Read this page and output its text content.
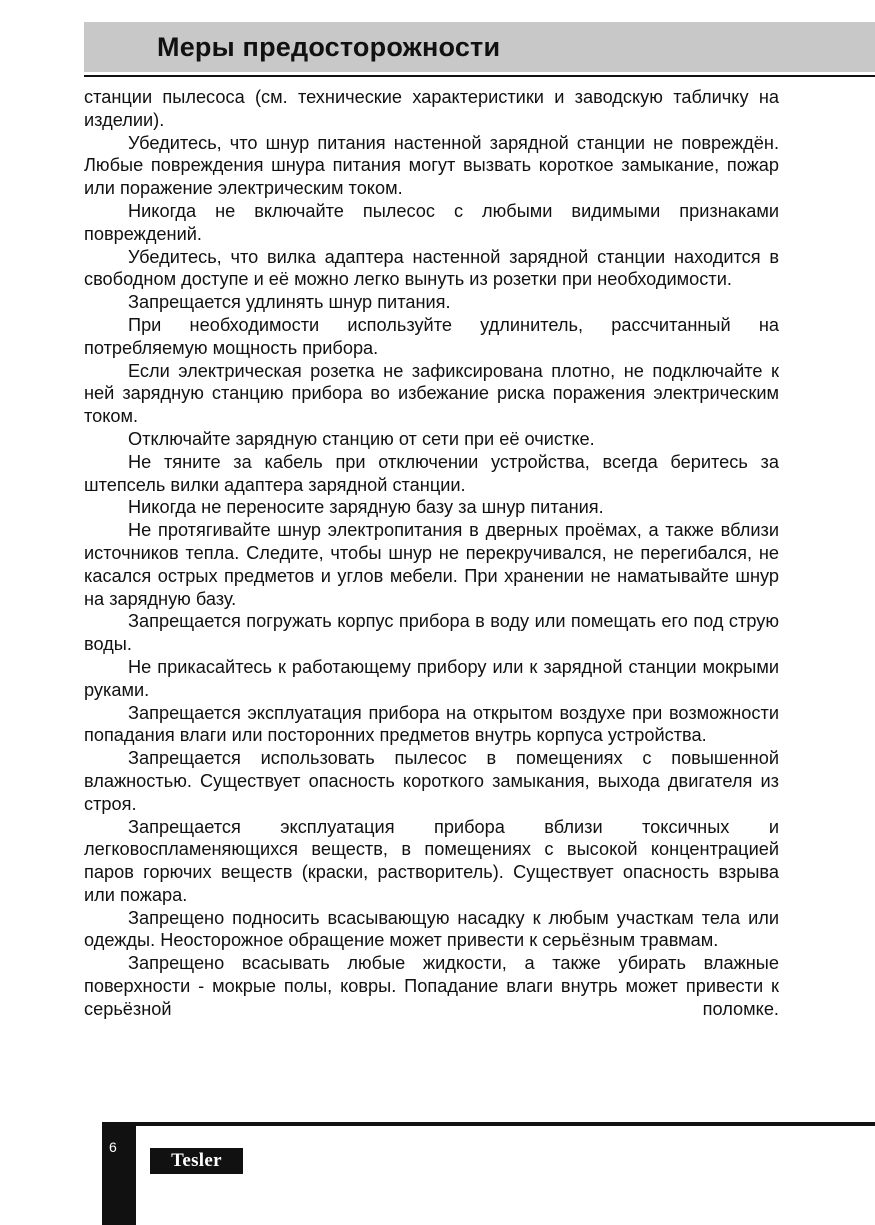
Меры предосторожности

станции пылесоса (см. технические характеристики и заводскую табличку на изделии).

Убедитесь, что шнур питания настенной зарядной станции не повреждён. Любые повреждения шнура питания могут вызвать короткое замыкание, пожар или поражение электрическим током.

Никогда не включайте пылесос с любыми видимыми признаками повреждений.

Убедитесь, что вилка адаптера настенной зарядной станции находится в свободном доступе и её можно легко вынуть из розетки при необходимости.

Запрещается удлинять шнур питания.

При необходимости используйте удлинитель, рассчитанный на потребляемую мощность прибора.

Если электрическая розетка не зафиксирована плотно, не подключайте к ней зарядную станцию прибора во избежание риска поражения электрическим током.

Отключайте зарядную станцию от сети при её очистке.

Не тяните за кабель при отключении устройства, всегда беритесь за штепсель вилки адаптера зарядной станции.

Никогда не переносите зарядную базу за шнур питания.

Не протягивайте шнур электропитания в дверных проёмах, а также вблизи источников тепла. Следите, чтобы шнур не перекручивался, не перегибался, не касался острых предметов и углов мебели. При хранении не наматывайте шнур на зарядную базу.

Запрещается погружать корпус прибора в воду или помещать его под струю воды.

Не прикасайтесь к работающему прибору или к зарядной станции мокрыми руками.

Запрещается эксплуатация прибора на открытом воздухе при возможности попадания влаги или посторонних предметов внутрь корпуса устройства.

Запрещается использовать пылесос в помещениях с повышенной влажностью. Существует опасность короткого замыкания, выхода двигателя из строя.

Запрещается эксплуатация прибора вблизи токсичных и легковоспламеняющихся веществ, в помещениях с высокой концентрацией паров горючих веществ (краски, растворитель). Существует опасность взрыва или пожара.

Запрещено подносить всасывающую насадку к любым участкам тела или одежды. Неосторожное обращение может привести к серьёзным травмам.

Запрещено всасывать любые жидкости, а также убирать влажные поверхности - мокрые полы, ковры. Попадание влаги внутрь может привести к серьёзной поломке.

6
Tesler
